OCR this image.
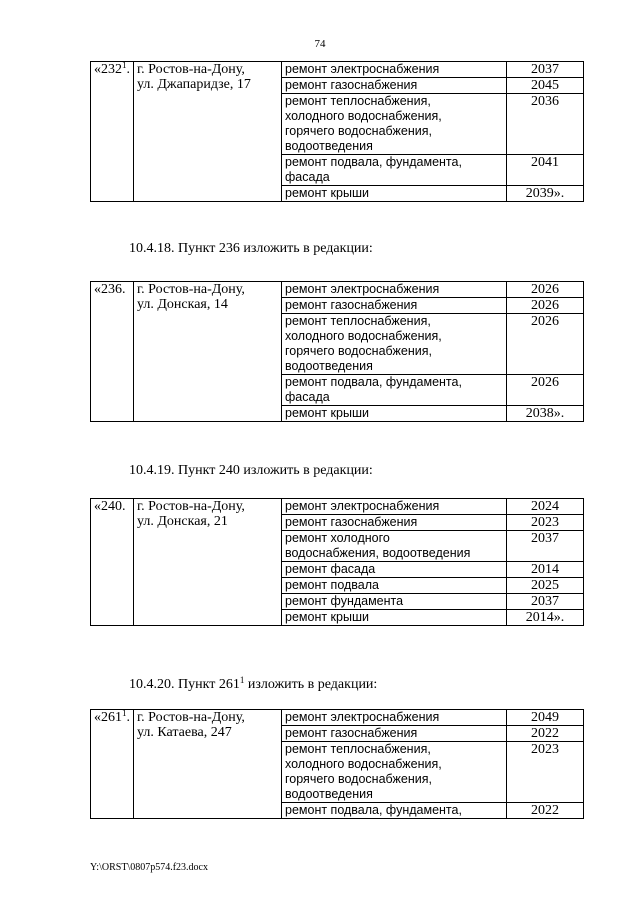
74
«$232^1$.	г. Ростов-на-Дону,
ул. Джапаридзе, 17	ремонт электроснабжения	2037

		ремонт газоснабжения	2045

		ремонт теплоснабжения,
холодного водоснабжения,
горячего водоснабжения,
водоотведения	2036

		ремонт подвала, фундамента,
фасада	2041

		ремонт крыши	2039».
10.4.18. Пункт 236 изложить в редакции:
«236.	г. Ростов-на-Дону,
ул. Донская, 14	ремонт электроснабжения	2026

		ремонт газоснабжения	2026

		ремонт теплоснабжения,
холодного водоснабжения,
горячего водоснабжения,
водоотведения	2026

		ремонт подвала, фундамента,
фасада	2026

		ремонт крыши	2038».
10.4.19. Пункт 240 изложить в редакции:
«240.	г. Ростов-на-Дону,
ул. Донская, 21	ремонт электроснабжения	2024

		ремонт газоснабжения	2023

		ремонт холодного
водоснабжения, водоотведения	2037

		ремонт фасада	2014

		ремонт подвала	2025

		ремонт фундамента	2037

		ремонт крыши	2014».
10.4.20. Пункт $261^1$ изложить в редакции:
«$261^1$.	г. Ростов-на-Дону,
ул. Катаева, 247	ремонт электроснабжения	2049

		ремонт газоснабжения	2022

		ремонт теплоснабжения,
холодного водоснабжения,
горячего водоснабжения,
водоотведения	2023

		ремонт подвала, фундамента,	2022
Y:\ORST\0807p574.f23.docx
